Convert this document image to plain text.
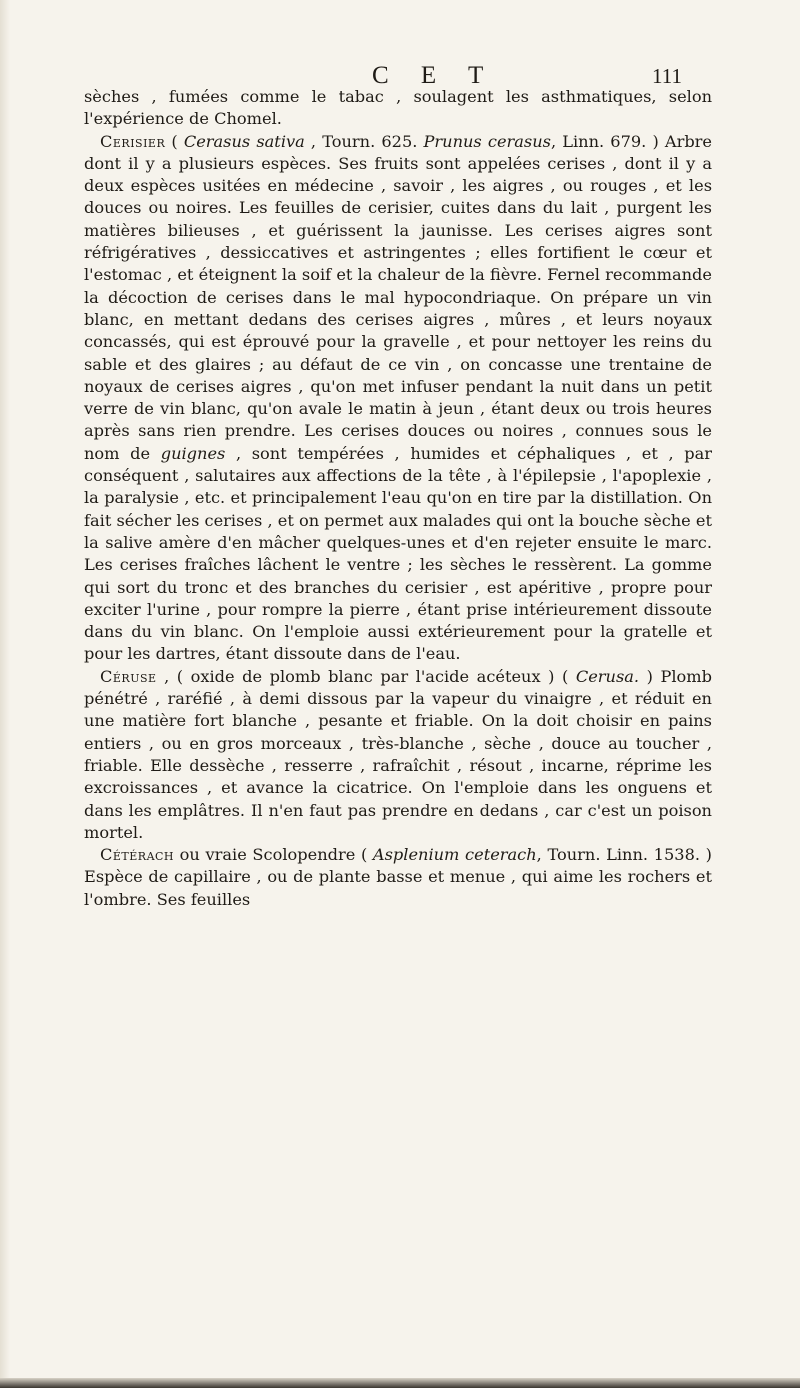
C E T	111

sèches , fumées comme le tabac , soulagent les asthmatiques, selon l'expérience de Chomel.

Cerisier ( Cerasus sativa , Tourn. 625. Prunus cerasus, Linn. 679. ) Arbre dont il y a plusieurs espèces. Ses fruits sont appelées cerises , dont il y a deux espèces usitées en médecine , savoir , les aigres , ou rouges , et les douces ou noires. Les feuilles de cerisier, cuites dans du lait , purgent les matières bilieuses , et guérissent la jaunisse. Les cerises aigres sont réfrigératives , dessiccatives et astringentes ; elles fortifient le cœur et l'estomac , et éteignent la soif et la chaleur de la fièvre. Fernel recommande la décoction de cerises dans le mal hypocondriaque. On prépare un vin blanc, en mettant dedans des cerises aigres , mûres , et leurs noyaux concassés, qui est éprouvé pour la gravelle , et pour nettoyer les reins du sable et des glaires ; au défaut de ce vin , on concasse une trentaine de noyaux de cerises aigres , qu'on met infuser pendant la nuit dans un petit verre de vin blanc, qu'on avale le matin à jeun , étant deux ou trois heures après sans rien prendre. Les cerises douces ou noires , connues sous le nom de guignes , sont tempérées , humides et céphaliques , et , par conséquent , salutaires aux affections de la tête , à l'épilepsie , l'apoplexie , la paralysie , etc. et principalement l'eau qu'on en tire par la distillation. On fait sécher les cerises , et on permet aux malades qui ont la bouche sèche et la salive amère d'en mâcher quelques-unes et d'en rejeter ensuite le marc. Les cerises fraîches lâchent le ventre ; les sèches le ressèrent. La gomme qui sort du tronc et des branches du cerisier , est apéritive , propre pour exciter l'urine , pour rompre la pierre , étant prise intérieurement dissoute dans du vin blanc. On l'emploie aussi extérieurement pour la gratelle et pour les dartres, étant dissoute dans de l'eau.

Céruse , ( oxide de plomb blanc par l'acide acéteux ) ( Cerusa. ) Plomb pénétré , raréfié , à demi dissous par la vapeur du vinaigre , et réduit en une matière fort blanche , pesante et friable. On la doit choisir en pains entiers , ou en gros morceaux , très-blanche , sèche , douce au toucher , friable. Elle dessèche , resserre , rafraîchit , résout , incarne, réprime les excroissances , et avance la cicatrice. On l'emploie dans les onguens et dans les emplâtres. Il n'en faut pas prendre en dedans , car c'est un poison mortel.

Cétérach ou vraie Scolopendre ( Asplenium ceterach, Tourn. Linn. 1538. ) Espèce de capillaire , ou de plante basse et menue , qui aime les rochers et l'ombre. Ses feuilles
